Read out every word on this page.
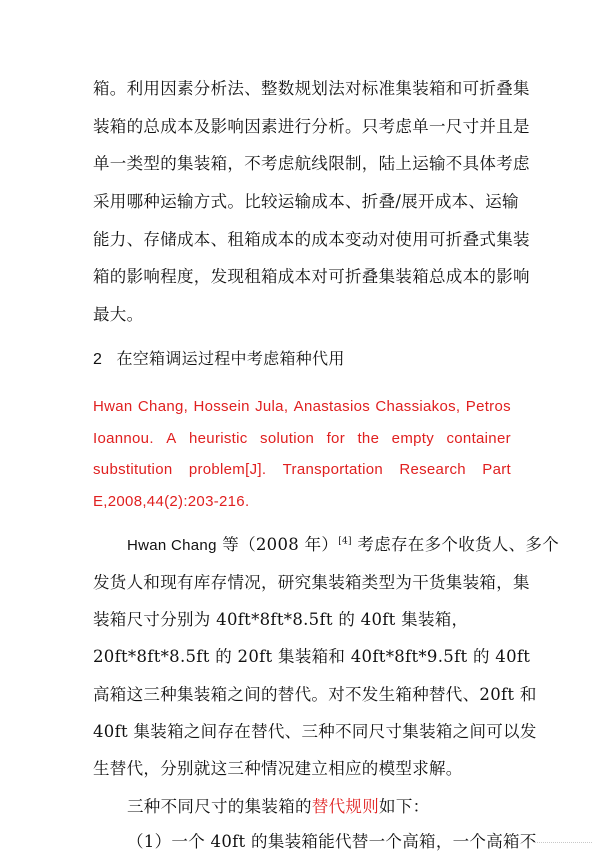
箱。利用因素分析法、整数规划法对标准集装箱和可折叠集
装箱的总成本及影响因素进行分析。只考虑单一尺寸并且是
单一类型的集装箱，不考虑航线限制，陆上运输不具体考虑
采用哪种运输方式。比较运输成本、折叠/展开成本、运输
能力、存储成本、租箱成本的成本变动对使用可折叠式集装
箱的影响程度，发现租箱成本对可折叠集装箱总成本的影响
最大。
2 在空箱调运过程中考虑箱种代用
Hwan Chang, Hossein Jula, Anastasios Chassiakos, Petros
Ioannou. A heuristic solution for the empty container
substitution problem[J]. Transportation Research Part
E,2008,44(2):203-216.
Hwan Chang 等（2008 年）[4] 考虑存在多个收货人、多个
发货人和现有库存情况，研究集装箱类型为干货集装箱，集
装箱尺寸分别为 40ft*8ft*8.5ft 的 40ft 集装箱，
20ft*8ft*8.5ft 的 20ft 集装箱和 40ft*8ft*9.5ft 的 40ft
高箱这三种集装箱之间的替代。对不发生箱种替代、20ft 和
40ft 集装箱之间存在替代、三种不同尺寸集装箱之间可以发
生替代，分别就这三种情况建立相应的模型求解。
三种不同尺寸的集装箱的替代规则如下：
（1）一个 40ft 的集装箱能代替一个高箱，一个高箱不
